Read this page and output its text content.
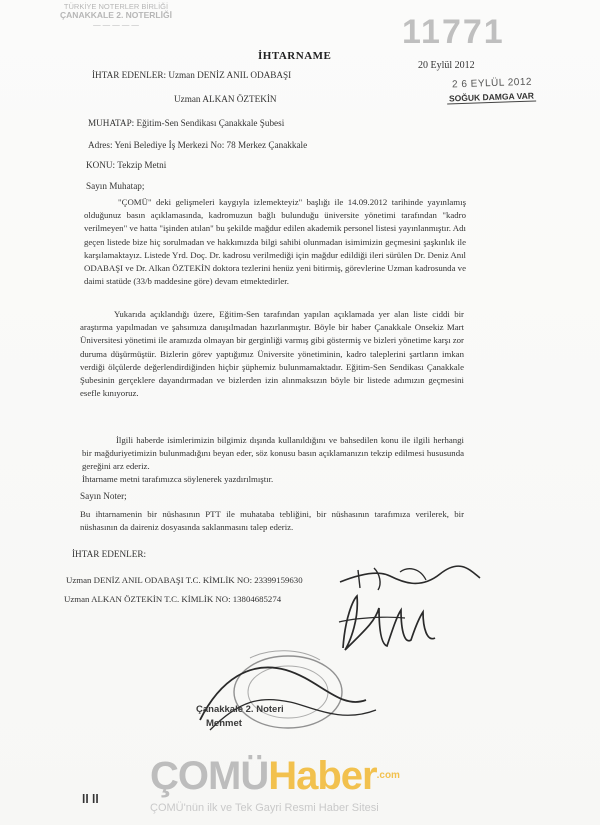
TÜRKİYE NOTERLER BİRLİĞİ
ÇANAKKALE 2. NOTERLİĞİ
— — — — —	11771
İHTARNAME
20 Eylül 2012
2 6 EYLÜL 2012
SOĞUK DAMGA VAR
İHTAR EDENLER: Uzman DENİZ ANIL ODABAŞI
Uzman ALKAN ÖZTEKİN
MUHATAP: Eğitim-Sen Sendikası Çanakkale Şubesi
Adres: Yeni Belediye İş Merkezi No: 78 Merkez Çanakkale
KONU: Tekzip Metni
Sayın Muhatap;
"ÇOMÜ" deki gelişmeleri kaygıyla izlemekteyiz" başlığı ile 14.09.2012 tarihinde yayınlamış olduğunuz basın açıklamasında, kadromuzun bağlı bulunduğu üniversite yönetimi tarafından "kadro verilmeyen" ve hatta "işinden atılan" bu şekilde mağdur edilen akademik personel listesi yayınlanmıştır. Adı geçen listede bize hiç sorulmadan ve hakkımızda bilgi sahibi olunmadan isimimizin geçmesini şaşkınlık ile karşılamaktayız. Listede Yrd. Doç. Dr. kadrosu verilmediği için mağdur edildiği ileri sürülen Dr. Deniz Anıl ODABAŞI ve Dr. Alkan ÖZTEKİN doktora tezlerini henüz yeni bitirmiş, görevlerine Uzman kadrosunda ve daimi statüde (33/b maddesine göre) devam etmektedirler.
Yukarıda açıklandığı üzere, Eğitim-Sen tarafından yapılan açıklamada yer alan liste ciddi bir araştırma yapılmadan ve şahsımıza danışılmadan hazırlanmıştır. Böyle bir haber Çanakkale Onsekiz Mart Üniversitesi yönetimi ile aramızda olmayan bir gerginliği varmış gibi göstermiş ve bizleri yönetime karşı zor duruma düşürmüştür. Bizlerin görev yaptığımız Üniversite yönetiminin, kadro taleplerini şartların imkan verdiği ölçülerde değerlendirdiğinden hiçbir şüphemiz bulunmamaktadır. Eğitim-Sen Sendikası Çanakkale Şubesinin gerçeklere dayandırmadan ve bizlerden izin alınmaksızın böyle bir listede adımızın geçmesini esefle kınıyoruz.
İlgili haberde isimlerimizin bilgimiz dışında kullanıldığını ve bahsedilen konu ile ilgili herhangi bir mağduriyetimizin bulunmadığını beyan eder, söz konusu basın açıklamanızın tekzip edilmesi hususunda gereğini arz ederiz.
İhtarname metni tarafımızca söylenerek yazdırılmıştır.
Sayın Noter;
Bu ihtarnamenin bir nüshasının PTT ile muhataba tebliğini, bir nüshasının tarafımıza verilerek, bir nüshasının da daireniz dosyasında saklanmasını talep ederiz.
İHTAR EDENLER:
Uzman DENİZ ANIL ODABAŞI T.C. KİMLİK NO: 23399159630
Uzman ALKAN ÖZTEKİN T.C. KİMLİK NO: 13804685274
Çanakkale 2. Noteri
Mehmet
ll ll
ÇOMÜHaber$^{.com}$
ÇOMÜ'nün ilk ve Tek Gayri Resmi Haber Sitesi
